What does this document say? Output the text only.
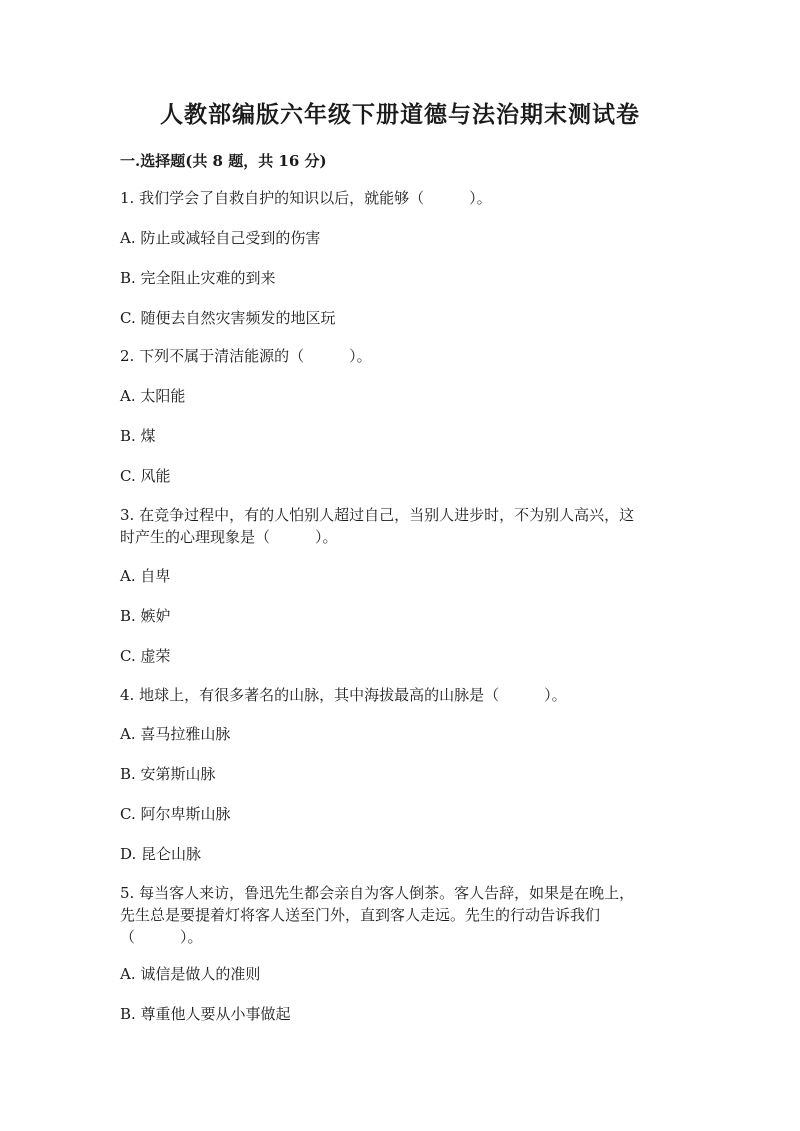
人教部编版六年级下册道德与法治期末测试卷
一.选择题(共 8 题，共 16 分)
1. 我们学会了自救自护的知识以后，就能够（　　　）。
A. 防止或减轻自己受到的伤害
B. 完全阻止灾难的到来
C. 随便去自然灾害频发的地区玩
2. 下列不属于清洁能源的（　　　）。
A. 太阳能
B. 煤
C. 风能
3. 在竞争过程中，有的人怕别人超过自己，当别人进步时，不为别人高兴，这
时产生的心理现象是（　　　）。
A. 自卑
B. 嫉妒
C. 虚荣
4. 地球上，有很多著名的山脉，其中海拔最高的山脉是（　　　）。
A. 喜马拉雅山脉
B. 安第斯山脉
C. 阿尔卑斯山脉
D. 昆仑山脉
5. 每当客人来访，鲁迅先生都会亲自为客人倒茶。客人告辞，如果是在晚上，
先生总是要提着灯将客人送至门外，直到客人走远。先生的行动告诉我们
（　　　）。
A. 诚信是做人的准则
B. 尊重他人要从小事做起
